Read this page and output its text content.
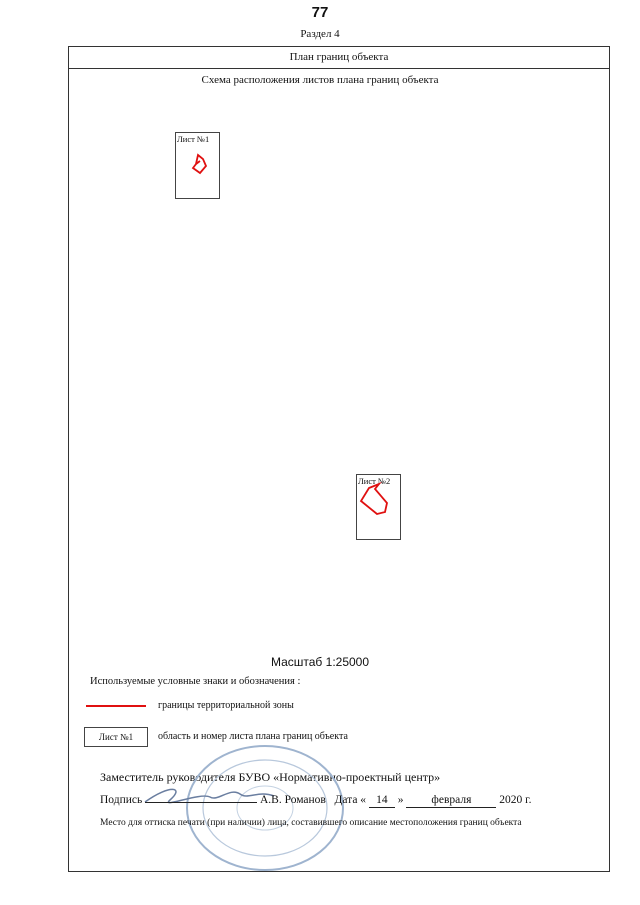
77
Раздел 4
План границ объекта
Схема расположения листов плана границ объекта
Лист №1
Лист №2
Масштаб 1:25000
Используемые условные знаки и обозначения :
границы территориальной зоны
Лист №1	область и номер листа плана границ объекта
Заместитель руководителя БУВО «Нормативно-проектный центр»
Подпись	А.В. Романов Дата « 14 » февраля 2020 г.
Место для оттиска печати (при наличии) лица, составившего описание местоположения границ объекта
